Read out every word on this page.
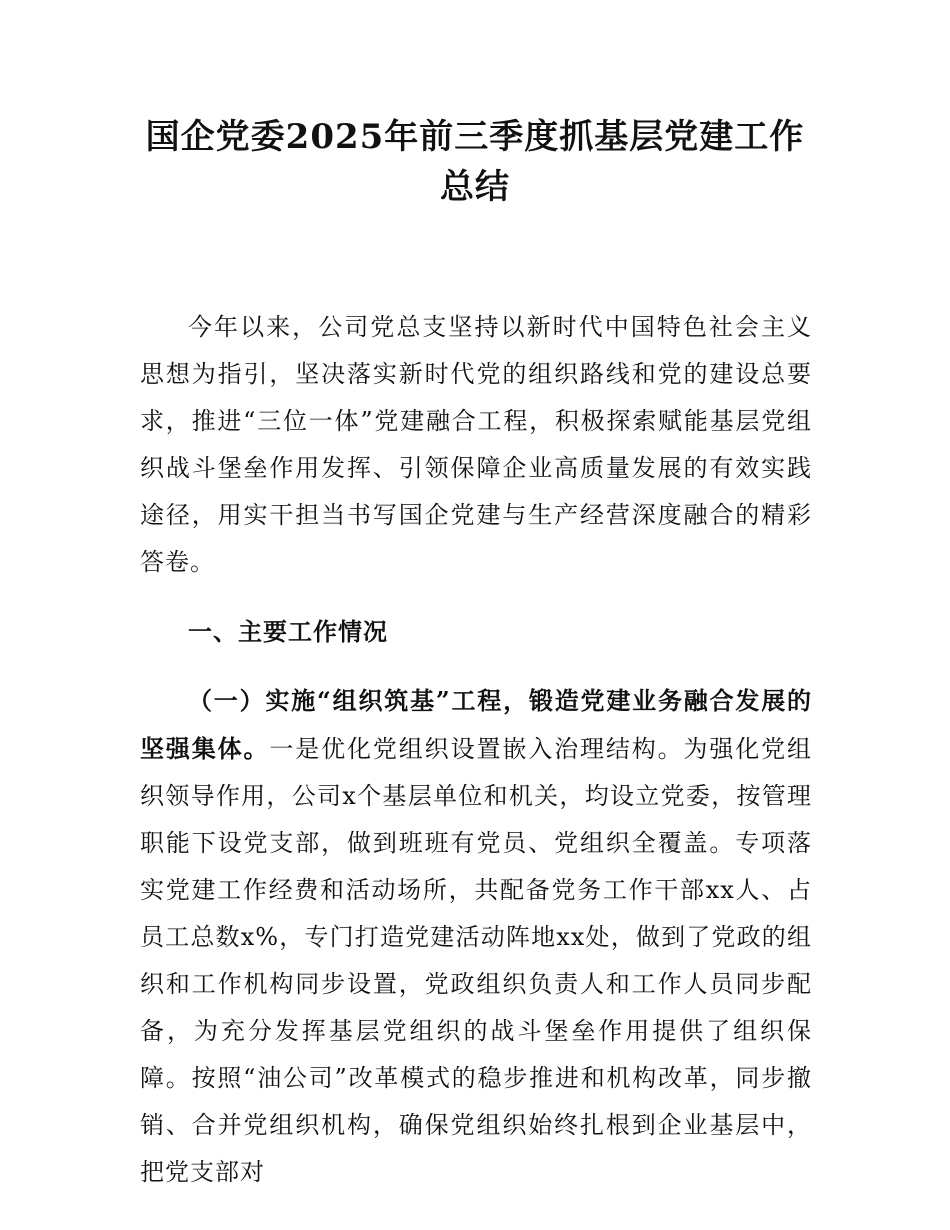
国企党委2025年前三季度抓基层党建工作总结

今年以来，公司党总支坚持以新时代中国特色社会主义思想为指引，坚决落实新时代党的组织路线和党的建设总要求，推进“三位一体”党建融合工程，积极探索赋能基层党组织战斗堡垒作用发挥、引领保障企业高质量发展的有效实践途径，用实干担当书写国企党建与生产经营深度融合的精彩答卷。

一、主要工作情况

（一）实施“组织筑基”工程，锻造党建业务融合发展的坚强集体。一是优化党组织设置嵌入治理结构。为强化党组织领导作用，公司x个基层单位和机关，均设立党委，按管理职能下设党支部，做到班班有党员、党组织全覆盖。专项落实党建工作经费和活动场所，共配备党务工作干部xx人、占员工总数x%，专门打造党建活动阵地xx处，做到了党政的组织和工作机构同步设置，党政组织负责人和工作人员同步配备，为充分发挥基层党组织的战斗堡垒作用提供了组织保障。按照“油公司”改革模式的稳步推进和机构改革，同步撤销、合并党组织机构，确保党组织始终扎根到企业基层中，把党支部对
